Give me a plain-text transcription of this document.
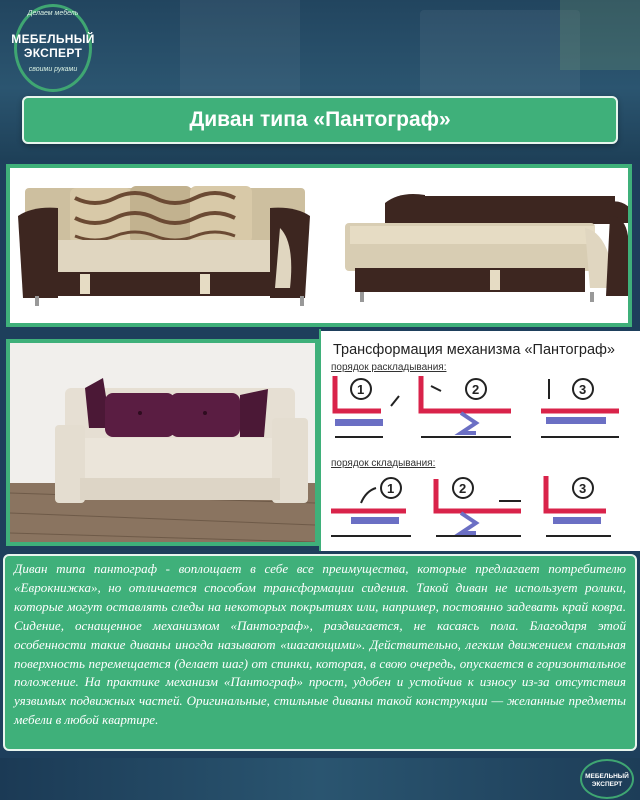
Делаем мебель
МЕБЕЛЬНЫЙ
ЭКСПЕРТ
своими руками
Диван типа «Пантограф»
Трансформация механизма «Пантограф»
порядок раскладывания:
1	2	3
порядок складывания:
1	2	3

Диван типа пантограф - воплощает в себе все преимущества, которые предлагает потребителю «Еврокнижка», но отличается способом трансформации сидения. Такой диван не использует ролики, которые могут оставлять следы на некоторых покрытиях или, например, постоянно задевать край ковра. Сидение, оснащенное механизмом «Пантограф», раздвигается, не касаясь пола. Благодаря этой особенности такие диваны иногда называют «шагающими». Действительно, легким движением спальная поверхность перемещается (делает шаг) от спинки, которая, в свою очередь, опускается в горизонтальное положение. На практике механизм «Пантограф» прост, удобен и устойчив к износу из-за отсутствия уязвимых подвижных частей. Оригинальные, стильные диваны такой конструкции — желанные предметы мебели в любой квартире.

МЕБЕЛЬНЫЙ
ЭКСПЕРТ
